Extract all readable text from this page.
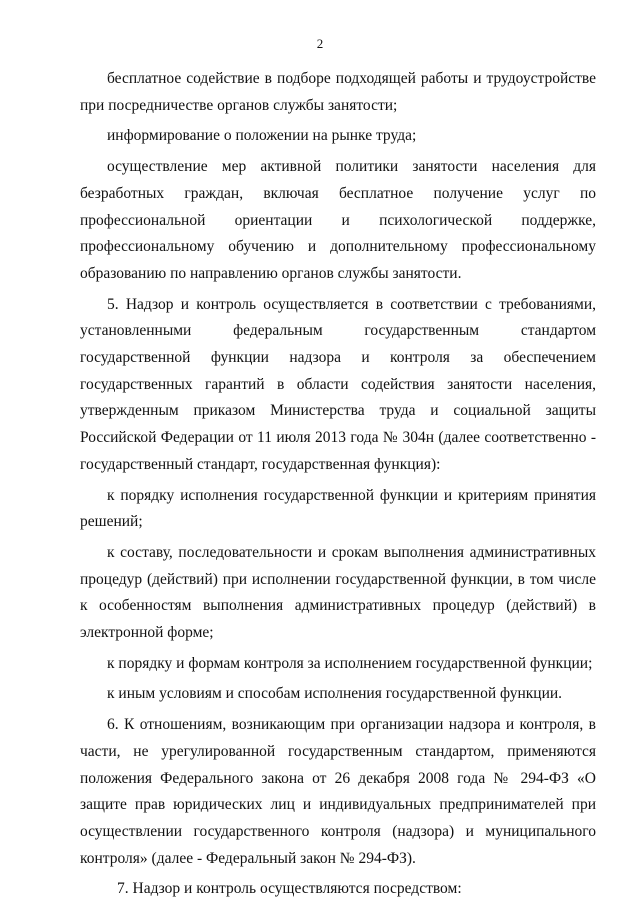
2

бесплатное содействие в подборе подходящей работы и трудоустройстве при посредничестве органов службы занятости;

информирование о положении на рынке труда;

осуществление мер активной политики занятости населения для безработных граждан, включая бесплатное получение услуг по профессиональной ориентации и психологической поддержке, профессиональному обучению и дополнительному профессиональному образованию по направлению органов службы занятости.

5. Надзор и контроль осуществляется в соответствии с требованиями, установленными федеральным государственным стандартом государственной функции надзора и контроля за обеспечением государственных гарантий в области содействия занятости населения, утвержденным приказом Министерства труда и социальной защиты Российской Федерации от 11 июля 2013 года № 304н (далее соответственно - государственный стандарт, государственная функция):

к порядку исполнения государственной функции и критериям принятия решений;

к составу, последовательности и срокам выполнения административных процедур (действий) при исполнении государственной функции, в том числе к особенностям выполнения административных процедур (действий) в электронной форме;

к порядку и формам контроля за исполнением государственной функции;

к иным условиям и способам исполнения государственной функции.

6. К отношениям, возникающим при организации надзора и контроля, в части, не урегулированной государственным стандартом, применяются положения Федерального закона от 26 декабря 2008 года № 294-ФЗ «О защите прав юридических лиц и индивидуальных предпринимателей при осуществлении государственного контроля (надзора) и муниципального контроля» (далее - Федеральный закон № 294-ФЗ).

7. Надзор и контроль осуществляются посредством:
